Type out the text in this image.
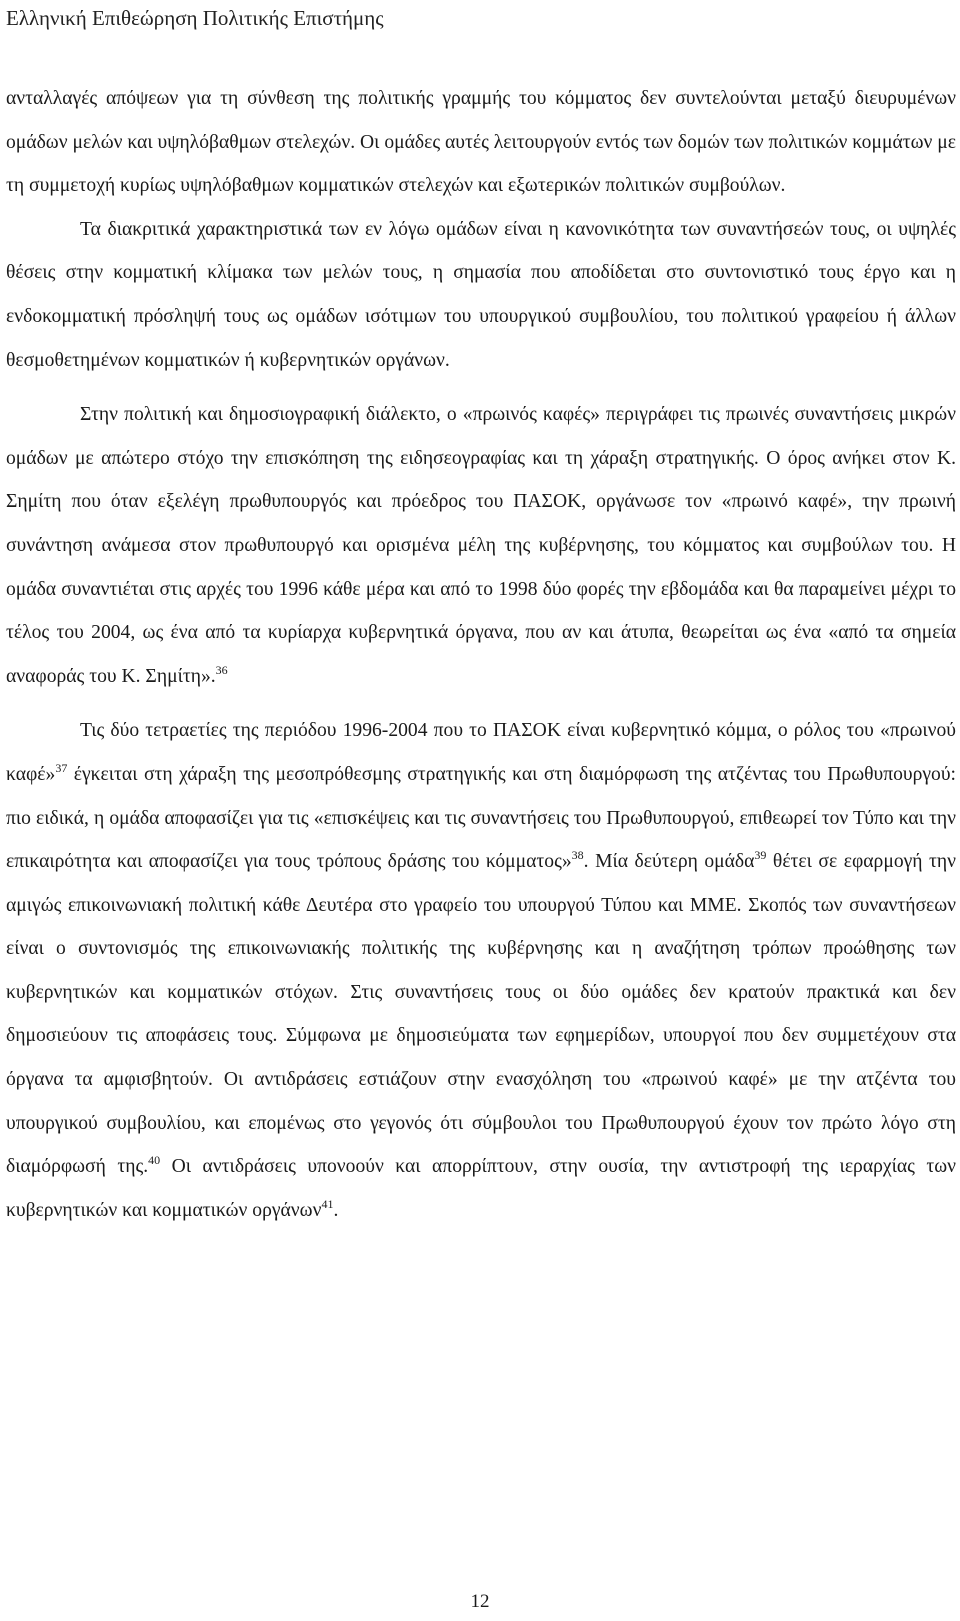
Ελληνική Επιθεώρηση Πολιτικής Επιστήμης

ανταλλαγές απόψεων για τη σύνθεση της πολιτικής γραμμής του κόμματος δεν συντελούνται μεταξύ διευρυμένων ομάδων μελών και υψηλόβαθμων στελεχών. Οι ομάδες αυτές λειτουργούν εντός των δομών των πολιτικών κομμάτων με τη συμμετοχή κυρίως υψηλόβαθμων κομματικών στελεχών και εξωτερικών πολιτικών συμβούλων.

Τα διακριτικά χαρακτηριστικά των εν λόγω ομάδων είναι η κανονικότητα των συναντήσεών τους, οι υψηλές θέσεις στην κομματική κλίμακα των μελών τους, η σημασία που αποδίδεται στο συντονιστικό τους έργο και η ενδοκομματική πρόσληψή τους ως ομάδων ισότιμων του υπουργικού συμβουλίου, του πολιτικού γραφείου ή άλλων θεσμοθετημένων κομματικών ή κυβερνητικών οργάνων.

Στην πολιτική και δημοσιογραφική διάλεκτο, ο «πρωινός καφές» περιγράφει τις πρωινές συναντήσεις μικρών ομάδων με απώτερο στόχο την επισκόπηση της ειδησεογραφίας και τη χάραξη στρατηγικής. Ο όρος ανήκει στον Κ. Σημίτη που όταν εξελέγη πρωθυπουργός και πρόεδρος του ΠΑΣΟΚ, οργάνωσε τον «πρωινό καφέ», την πρωινή συνάντηση ανάμεσα στον πρωθυπουργό και ορισμένα μέλη της κυβέρνησης, του κόμματος και συμβούλων του. Η ομάδα συναντιέται στις αρχές του 1996 κάθε μέρα και από το 1998 δύο φορές την εβδομάδα και θα παραμείνει μέχρι το τέλος του 2004, ως ένα από τα κυρίαρχα κυβερνητικά όργανα, που αν και άτυπα, θεωρείται ως ένα «από τα σημεία αναφοράς του Κ. Σημίτη».$^{36}$

Τις δύο τετραετίες της περιόδου 1996-2004 που το ΠΑΣΟΚ είναι κυβερνητικό κόμμα, ο ρόλος του «πρωινού καφέ»$^{37}$ έγκειται στη χάραξη της μεσοπρόθεσμης στρατηγικής και στη διαμόρφωση της ατζέντας του Πρωθυπουργού: πιο ειδικά, η ομάδα αποφασίζει για τις «επισκέψεις και τις συναντήσεις του Πρωθυπουργού, επιθεωρεί τον Τύπο και την επικαιρότητα και αποφασίζει για τους τρόπους δράσης του κόμματος»$^{38}$. Μία δεύτερη ομάδα$^{39}$ θέτει σε εφαρμογή την αμιγώς επικοινωνιακή πολιτική κάθε Δευτέρα στο γραφείο του υπουργού Τύπου και ΜΜΕ. Σκοπός των συναντήσεων είναι ο συντονισμός της επικοινωνιακής πολιτικής της κυβέρνησης και η αναζήτηση τρόπων προώθησης των κυβερνητικών και κομματικών στόχων. Στις συναντήσεις τους οι δύο ομάδες δεν κρατούν πρακτικά και δεν δημοσιεύουν τις αποφάσεις τους. Σύμφωνα με δημοσιεύματα των εφημερίδων, υπουργοί που δεν συμμετέχουν στα όργανα τα αμφισβητούν. Οι αντιδράσεις εστιάζουν στην ενασχόληση του «πρωινού καφέ» με την ατζέντα του υπουργικού συμβουλίου, και επομένως στο γεγονός ότι σύμβουλοι του Πρωθυπουργού έχουν τον πρώτο λόγο στη διαμόρφωσή της.$^{40}$ Οι αντιδράσεις υπονοούν και απορρίπτουν, στην ουσία, την αντιστροφή της ιεραρχίας των κυβερνητικών και κομματικών οργάνων$^{41}$.

12
